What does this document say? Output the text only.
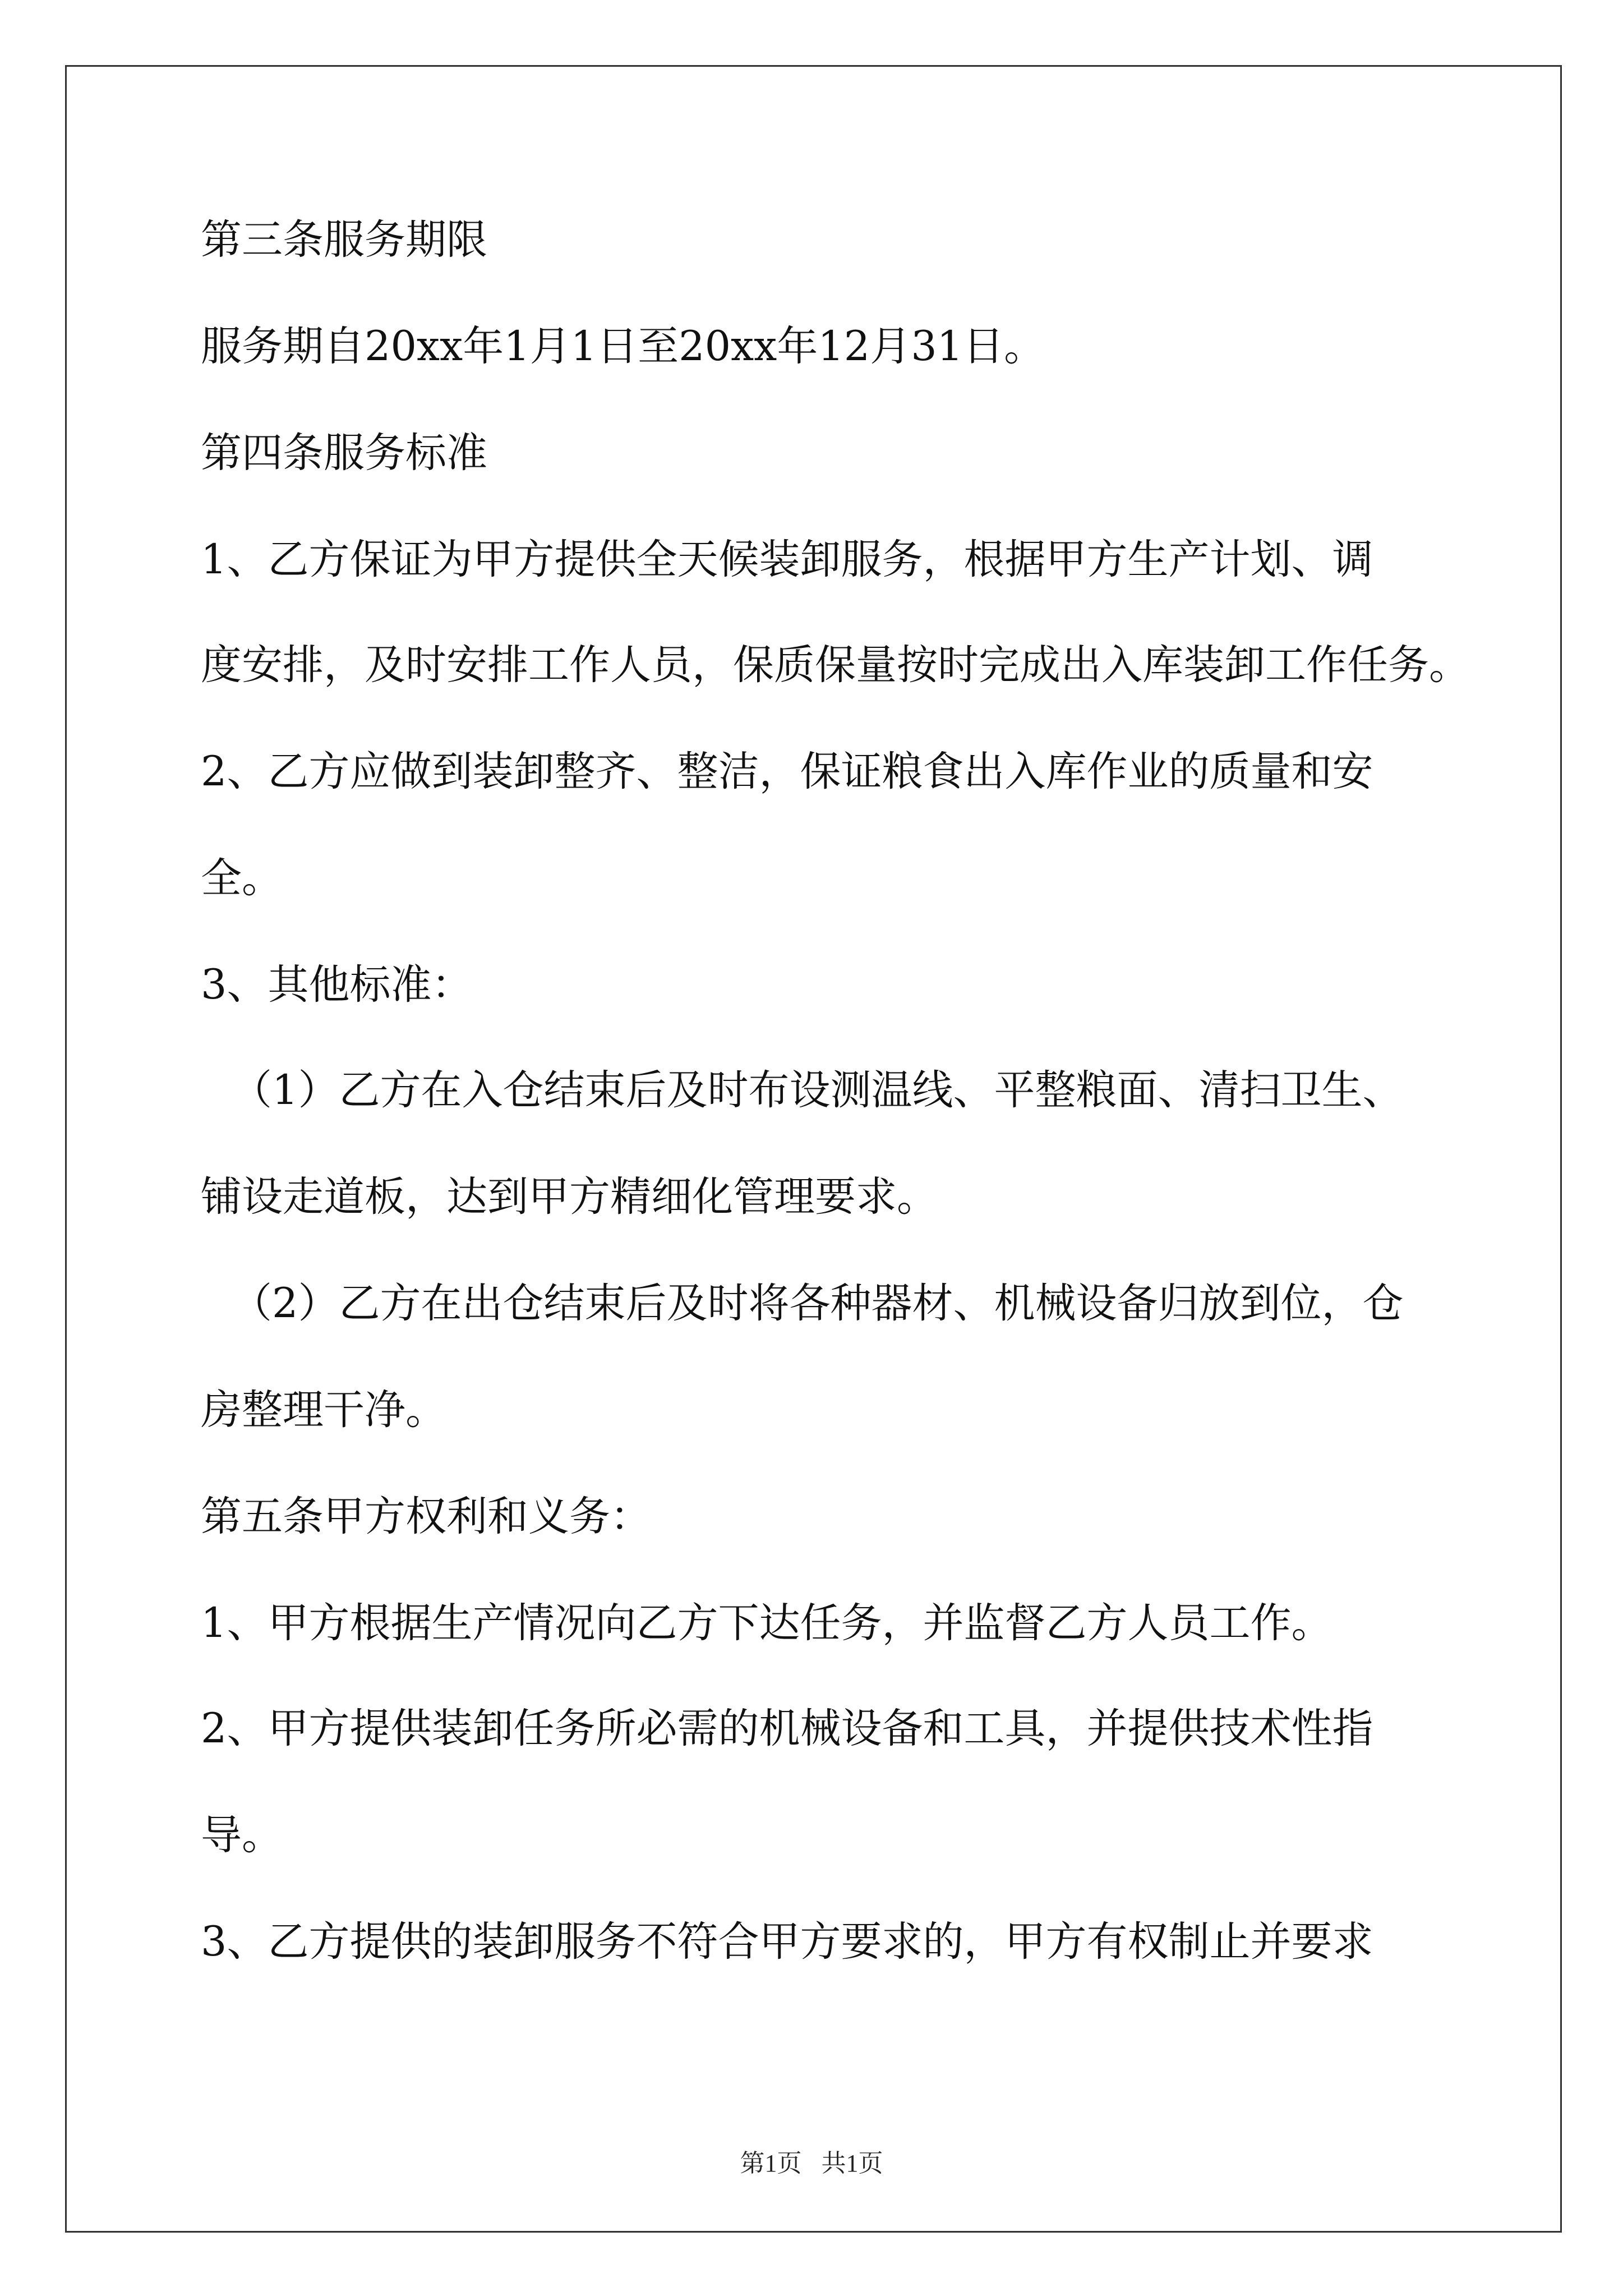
第三条服务期限

服务期自20xx年1月1日至20xx年12月31日。

第四条服务标准

1、乙方保证为甲方提供全天候装卸服务，根据甲方生产计划、调

度安排，及时安排工作人员，保质保量按时完成出入库装卸工作任务。

2、乙方应做到装卸整齐、整洁，保证粮食出入库作业的质量和安

全。

3、其他标准：

（1）乙方在入仓结束后及时布设测温线、平整粮面、清扫卫生、

铺设走道板，达到甲方精细化管理要求。

（2）乙方在出仓结束后及时将各种器材、机械设备归放到位，仓

房整理干净。

第五条甲方权利和义务：

1、甲方根据生产情况向乙方下达任务，并监督乙方人员工作。

2、甲方提供装卸任务所必需的机械设备和工具，并提供技术性指

导。

3、乙方提供的装卸服务不符合甲方要求的，甲方有权制止并要求

第1页 共1页
